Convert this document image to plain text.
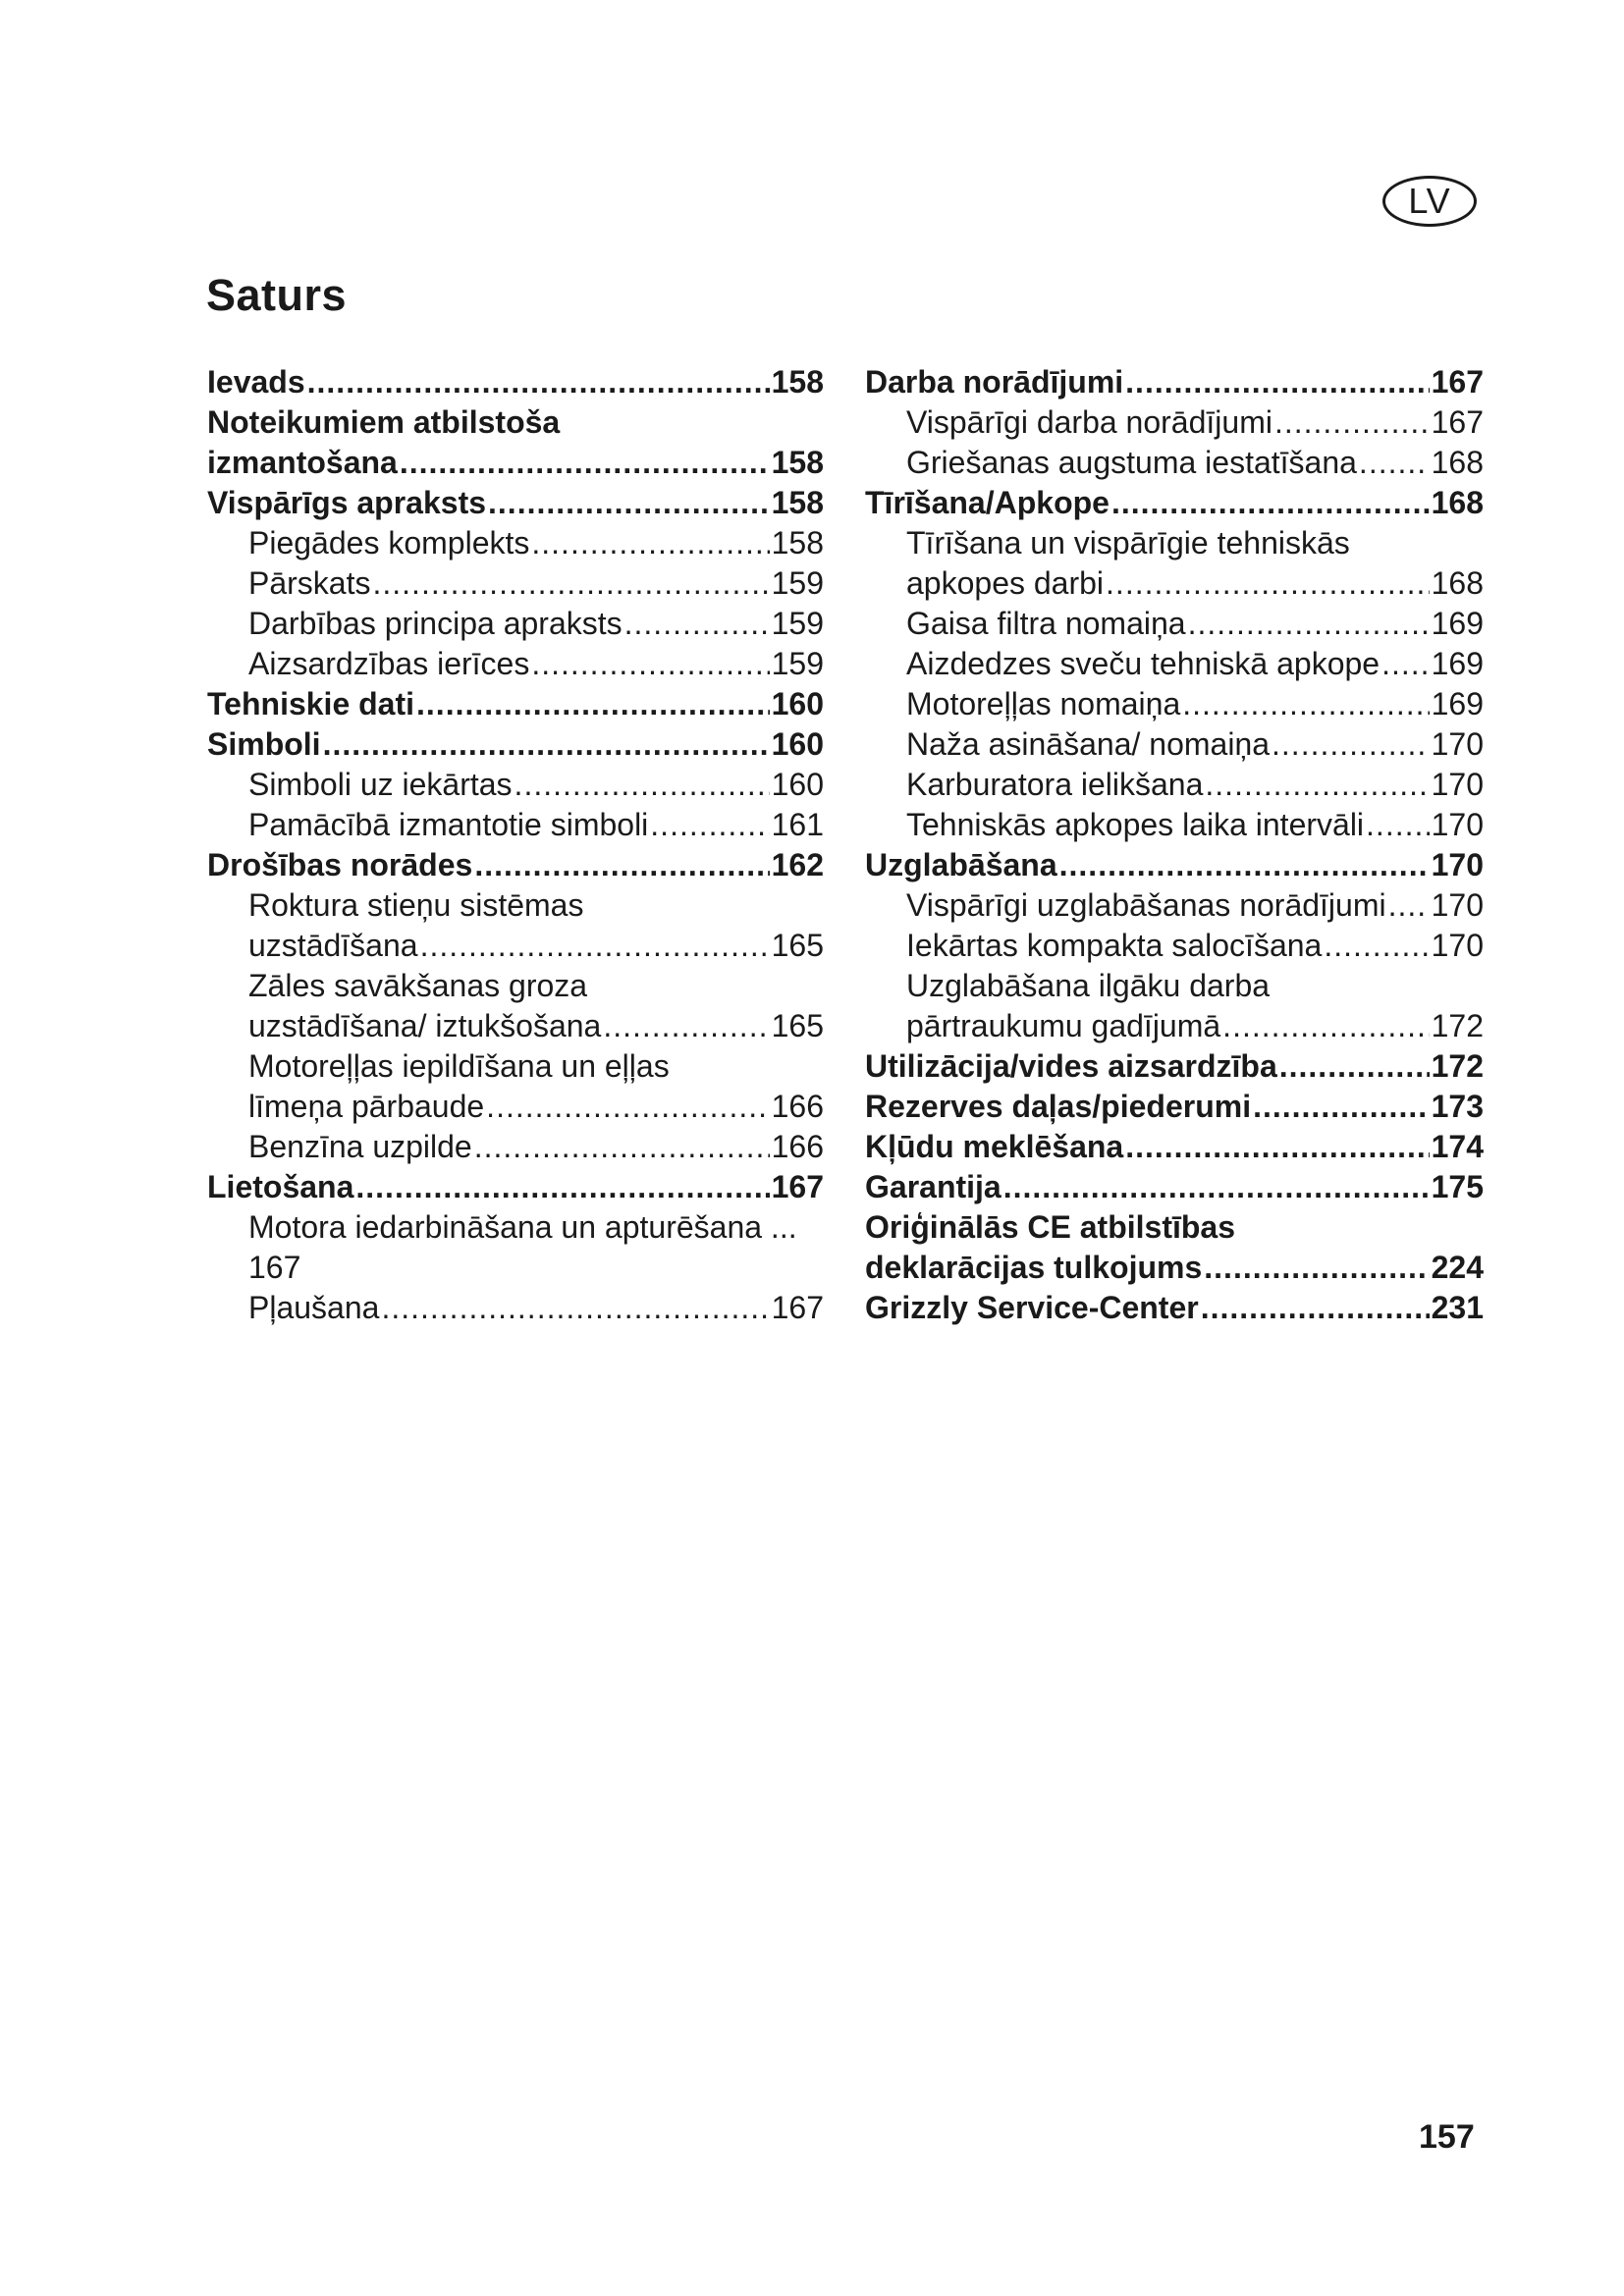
LV
Saturs
Ievads .....	158
Noteikumiem atbilstoša
izmantošana .....	158
Vispārīgs apraksts .....	158
Piegādes komplekts .....	158
Pārskats .....	159
Darbības principa apraksts .....	159
Aizsardzības ierīces .....	159
Tehniskie dati .....	160
Simboli .....	160
Simboli uz iekārtas .....	160
Pamācībā izmantotie simboli .....	161
Drošības norādes .....	162
Roktura stieņu sistēmas
uzstādīšana .....	165
Zāles savākšanas groza
uzstādīšana/ iztukšošana .....	165
Motoreļļas iepildīšana un eļļas
līmeņa pārbaude .....	166
Benzīna uzpilde .....	166
Lietošana .....	167
Motora iedarbināšana un apturēšana ...
167
Pļaušana .....	167
Darba norādījumi .....	167
Vispārīgi darba norādījumi .....	167
Griešanas augstuma iestatīšana ..... 168
Tīrīšana/Apkope .....	168
Tīrīšana un vispārīgie tehniskās
apkopes darbi .....	168
Gaisa filtra nomaiņa .....	169
Aizdedzes sveču tehniskā apkope ..... 169
Motoreļļas nomaiņa .....	169
Naža asināšana/ nomaiņa .....	170
Karburatora ielikšana .....	170
Tehniskās apkopes laika intervāli ..... 170
Uzglabāšana .....	170
Vispārīgi uzglabāšanas norādījumi ..... 170
Iekārtas kompakta salocīšana .....	170
Uzglabāšana ilgāku darba
pārtraukumu gadījumā .....	172
Utilizācija/vides aizsardzība .....	172
Rezerves daļas/piederumi .....	173
Kļūdu meklēšana .....	174
Garantija .....	175
Oriģinālās CE atbilstības
deklarācijas tulkojums .....	224
Grizzly Service-Center .....	231
157
